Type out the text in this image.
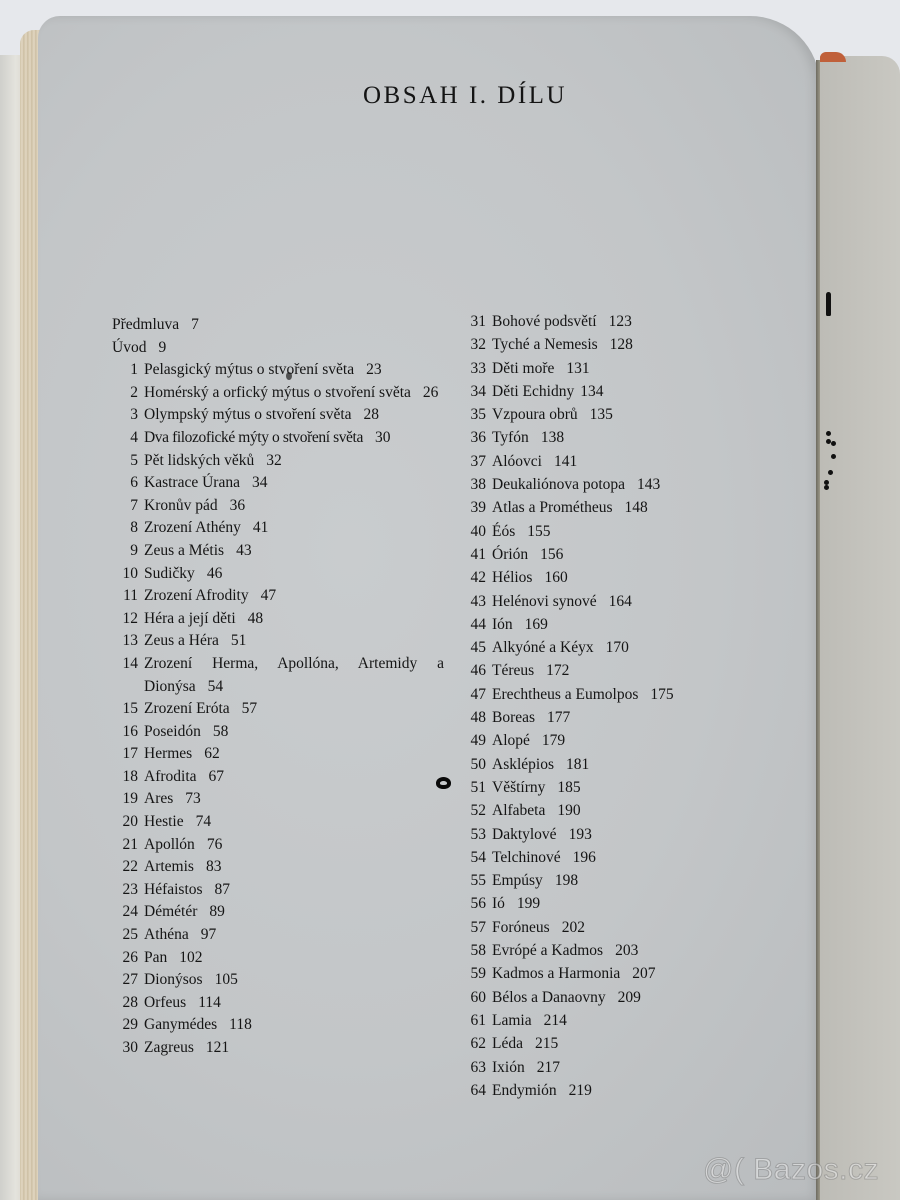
OBSAH I. DÍLU
Předmluva 7
Úvod 9
1 Pelasgický mýtus o stvoření světa 23
2 Homérský a orfický mýtus o stvoření světa 26
3 Olympský mýtus o stvoření světa 28
4 Dva filozofické mýty o stvoření světa 30
5 Pět lidských věků 32
6 Kastrace Úrana 34
7 Kronův pád 36
8 Zrození Athény 41
9 Zeus a Métis 43
10 Sudičky 46
11 Zrození Afrodity 47
12 Héra a její děti 48
13 Zeus a Héra 51
14 Zrození Herma, Apollóna, Artemidy a Dionýsa 54
15 Zrození Eróta 57
16 Poseidón 58
17 Hermes 62
18 Afrodita 67
19 Ares 73
20 Hestie 74
21 Apollón 76
22 Artemis 83
23 Héfaistos 87
24 Démétér 89
25 Athéna 97
26 Pan 102
27 Dionýsos 105
28 Orfeus 114
29 Ganymédes 118
30 Zagreus 121
31 Bohové podsvětí 123
32 Tyché a Nemesis 128
33 Děti moře 131
34 Děti Echidny 134
35 Vzpoura obrů 135
36 Tyfón 138
37 Alóovci 141
38 Deukaliónova potopa 143
39 Atlas a Prométheus 148
40 Éós 155
41 Órión 156
42 Hélios 160
43 Helénovi synové 164
44 Ión 169
45 Alkyóné a Kéyx 170
46 Téreus 172
47 Erechtheus a Eumolpos 175
48 Boreas 177
49 Alopé 179
50 Asklépios 181
51 Věštírny 185
52 Alfabeta 190
53 Daktylové 193
54 Telchinové 196
55 Empúsy 198
56 Ió 199
57 Forónеus 202
58 Evrópé a Kadmos 203
59 Kadmos a Harmonia 207
60 Bélos a Danaovny 209
61 Lamia 214
62 Léda 215
63 Ixión 217
64 Endymión 219
@( Bazos.cz
